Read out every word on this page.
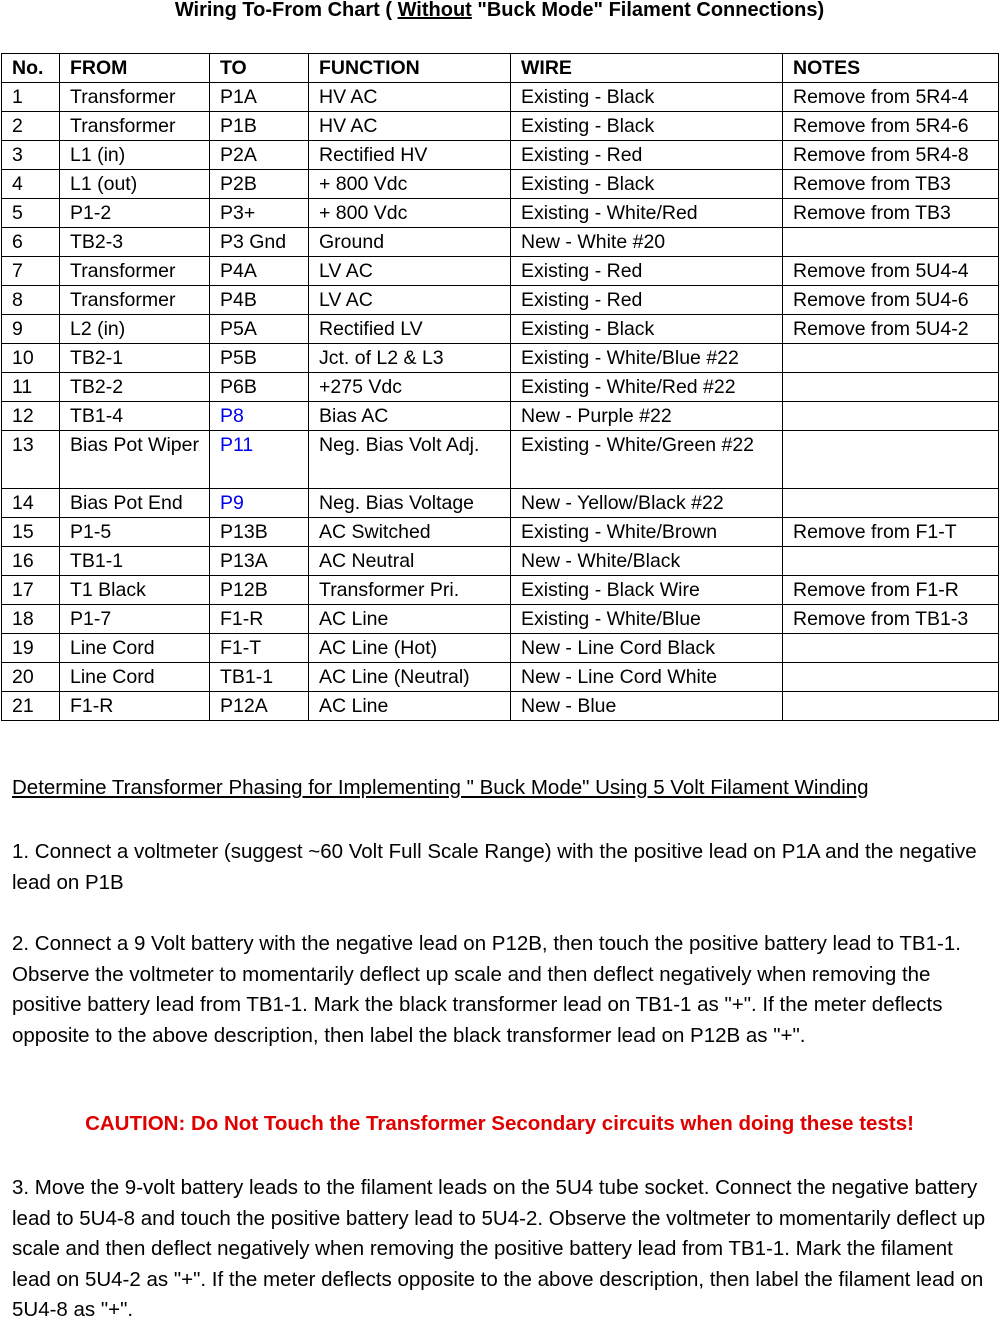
Wiring To-From Chart ( Without "Buck Mode" Filament Connections)
No.	FROM	TO	FUNCTION	WIRE	NOTES
1	Transformer	P1A	HV AC	Existing - Black	Remove from 5R4-4
2	Transformer	P1B	HV AC	Existing - Black	Remove from 5R4-6
3	L1 (in)	P2A	Rectified HV	Existing - Red	Remove from 5R4-8
4	L1 (out)	P2B	+ 800 Vdc	Existing - Black	Remove from TB3
5	P1-2	P3+	+ 800 Vdc	Existing - White/Red	Remove from TB3
6	TB2-3	P3 Gnd	Ground	New - White #20	
7	Transformer	P4A	LV AC	Existing - Red	Remove from 5U4-4
8	Transformer	P4B	LV AC	Existing - Red	Remove from 5U4-6
9	L2 (in)	P5A	Rectified LV	Existing - Black	Remove from 5U4-2
10	TB2-1	P5B	Jct. of L2 & L3	Existing - White/Blue #22	
11	TB2-2	P6B	+275 Vdc	Existing - White/Red #22	
12	TB1-4	P8	Bias AC	New - Purple #22	
13	Bias Pot Wiper	P11	Neg. Bias Volt Adj.	Existing - White/Green #22	
14	Bias Pot End	P9	Neg. Bias Voltage	New - Yellow/Black #22	
15	P1-5	P13B	AC Switched	Existing - White/Brown	Remove from F1-T
16	TB1-1	P13A	AC Neutral	New - White/Black	
17	T1 Black	P12B	Transformer Pri.	Existing - Black Wire	Remove from F1-R
18	P1-7	F1-R	AC Line	Existing - White/Blue	Remove from TB1-3
19	Line Cord	F1-T	AC Line (Hot)	New - Line Cord Black	
20	Line Cord	TB1-1	AC Line (Neutral)	New - Line Cord White	
21	F1-R	P12A	AC Line	New - Blue	
Determine Transformer Phasing for Implementing " Buck Mode" Using 5 Volt Filament Winding
1. Connect a voltmeter (suggest ~60 Volt Full Scale Range) with the positive lead on P1A and the negative lead on P1B
2. Connect a 9 Volt battery with the negative lead on P12B, then touch the positive battery lead to TB1-1. Observe the voltmeter to momentarily deflect up scale and then deflect negatively when removing the positive battery lead from TB1-1. Mark the black transformer lead on TB1-1 as "+". If the meter deflects opposite to the above description, then label the black transformer lead on P12B as "+".
CAUTION: Do Not Touch the Transformer Secondary circuits when doing these tests!
3. Move the 9-volt battery leads to the filament leads on the 5U4 tube socket. Connect the negative battery lead to 5U4-8 and touch the positive battery lead to 5U4-2. Observe the voltmeter to momentarily deflect up scale and then deflect negatively when removing the positive battery lead from TB1-1. Mark the filament lead on 5U4-2 as "+". If the meter deflects opposite to the above description, then label the filament lead on 5U4-8 as "+".
